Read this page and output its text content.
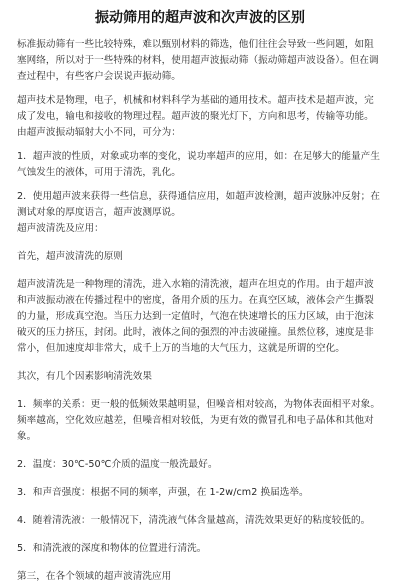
振动筛用的超声波和次声波的区别

标准振动筛有一些比较特殊，难以甄别材料的筛选，他们往往会导致一些问题，如阻塞网络，所以对于一些特殊的材料，使用超声波振动筛（振动筛超声波设备）。但在调查过程中，有些客户会误说声振动筛。

超声技术是物理，电子，机械和材料科学为基础的通用技术。超声技术是超声波，完成了发电，输电和接收的物理过程。超声波的聚光灯下，方向和思考，传输等功能。由超声波振动辐射大小不同，可分为：

1．超声波的性质，对象或功率的变化，说功率超声的应用，如：在足够大的能量产生气蚀发生的液体，可用于清洗，乳化。

2．使用超声波来获得一些信息，获得通信应用，如超声波检测，超声波脉冲反射；在测试对象的厚度语言，超声波测厚说。

超声波清洗及应用：

首先，超声波清洗的原则

超声波清洗是一种物理的清洗，进入水箱的清洗液，超声在坦克的作用。由于超声波和声波振动液在传播过程中的密度，备用介质的压力。在真空区域，液体会产生撕裂的力量，形成真空泡。当压力达到一定值时，气泡在快速增长的压力区域，由于泡沫破灭的压力挤压，封闭。此时，液体之间的强烈的冲击波碰撞。虽然位移，速度是非常小，但加速度却非常大，成千上万的当地的大气压力，这就是所谓的空化。

其次，有几个因素影响清洗效果

1．频率的关系：更一般的低频效果越明显，但噪音相对较高，为物体表面相平对象。频率越高，空化效应越差，但噪音相对较低，为更有效的微冒孔和电子晶体和其他对象。

2．温度：30℃-50℃介质的温度一般洗最好。

3．和声音强度：根据不同的频率，声强，在 1-2w/cm2 换届选举。

4．随着清洗液：一般情况下，清洗液气体含量越高，清洗效果更好的粘度较低的。

5．和清洗液的深度和物体的位置进行清洗。

第三，在各个领域的超声波清洗应用
